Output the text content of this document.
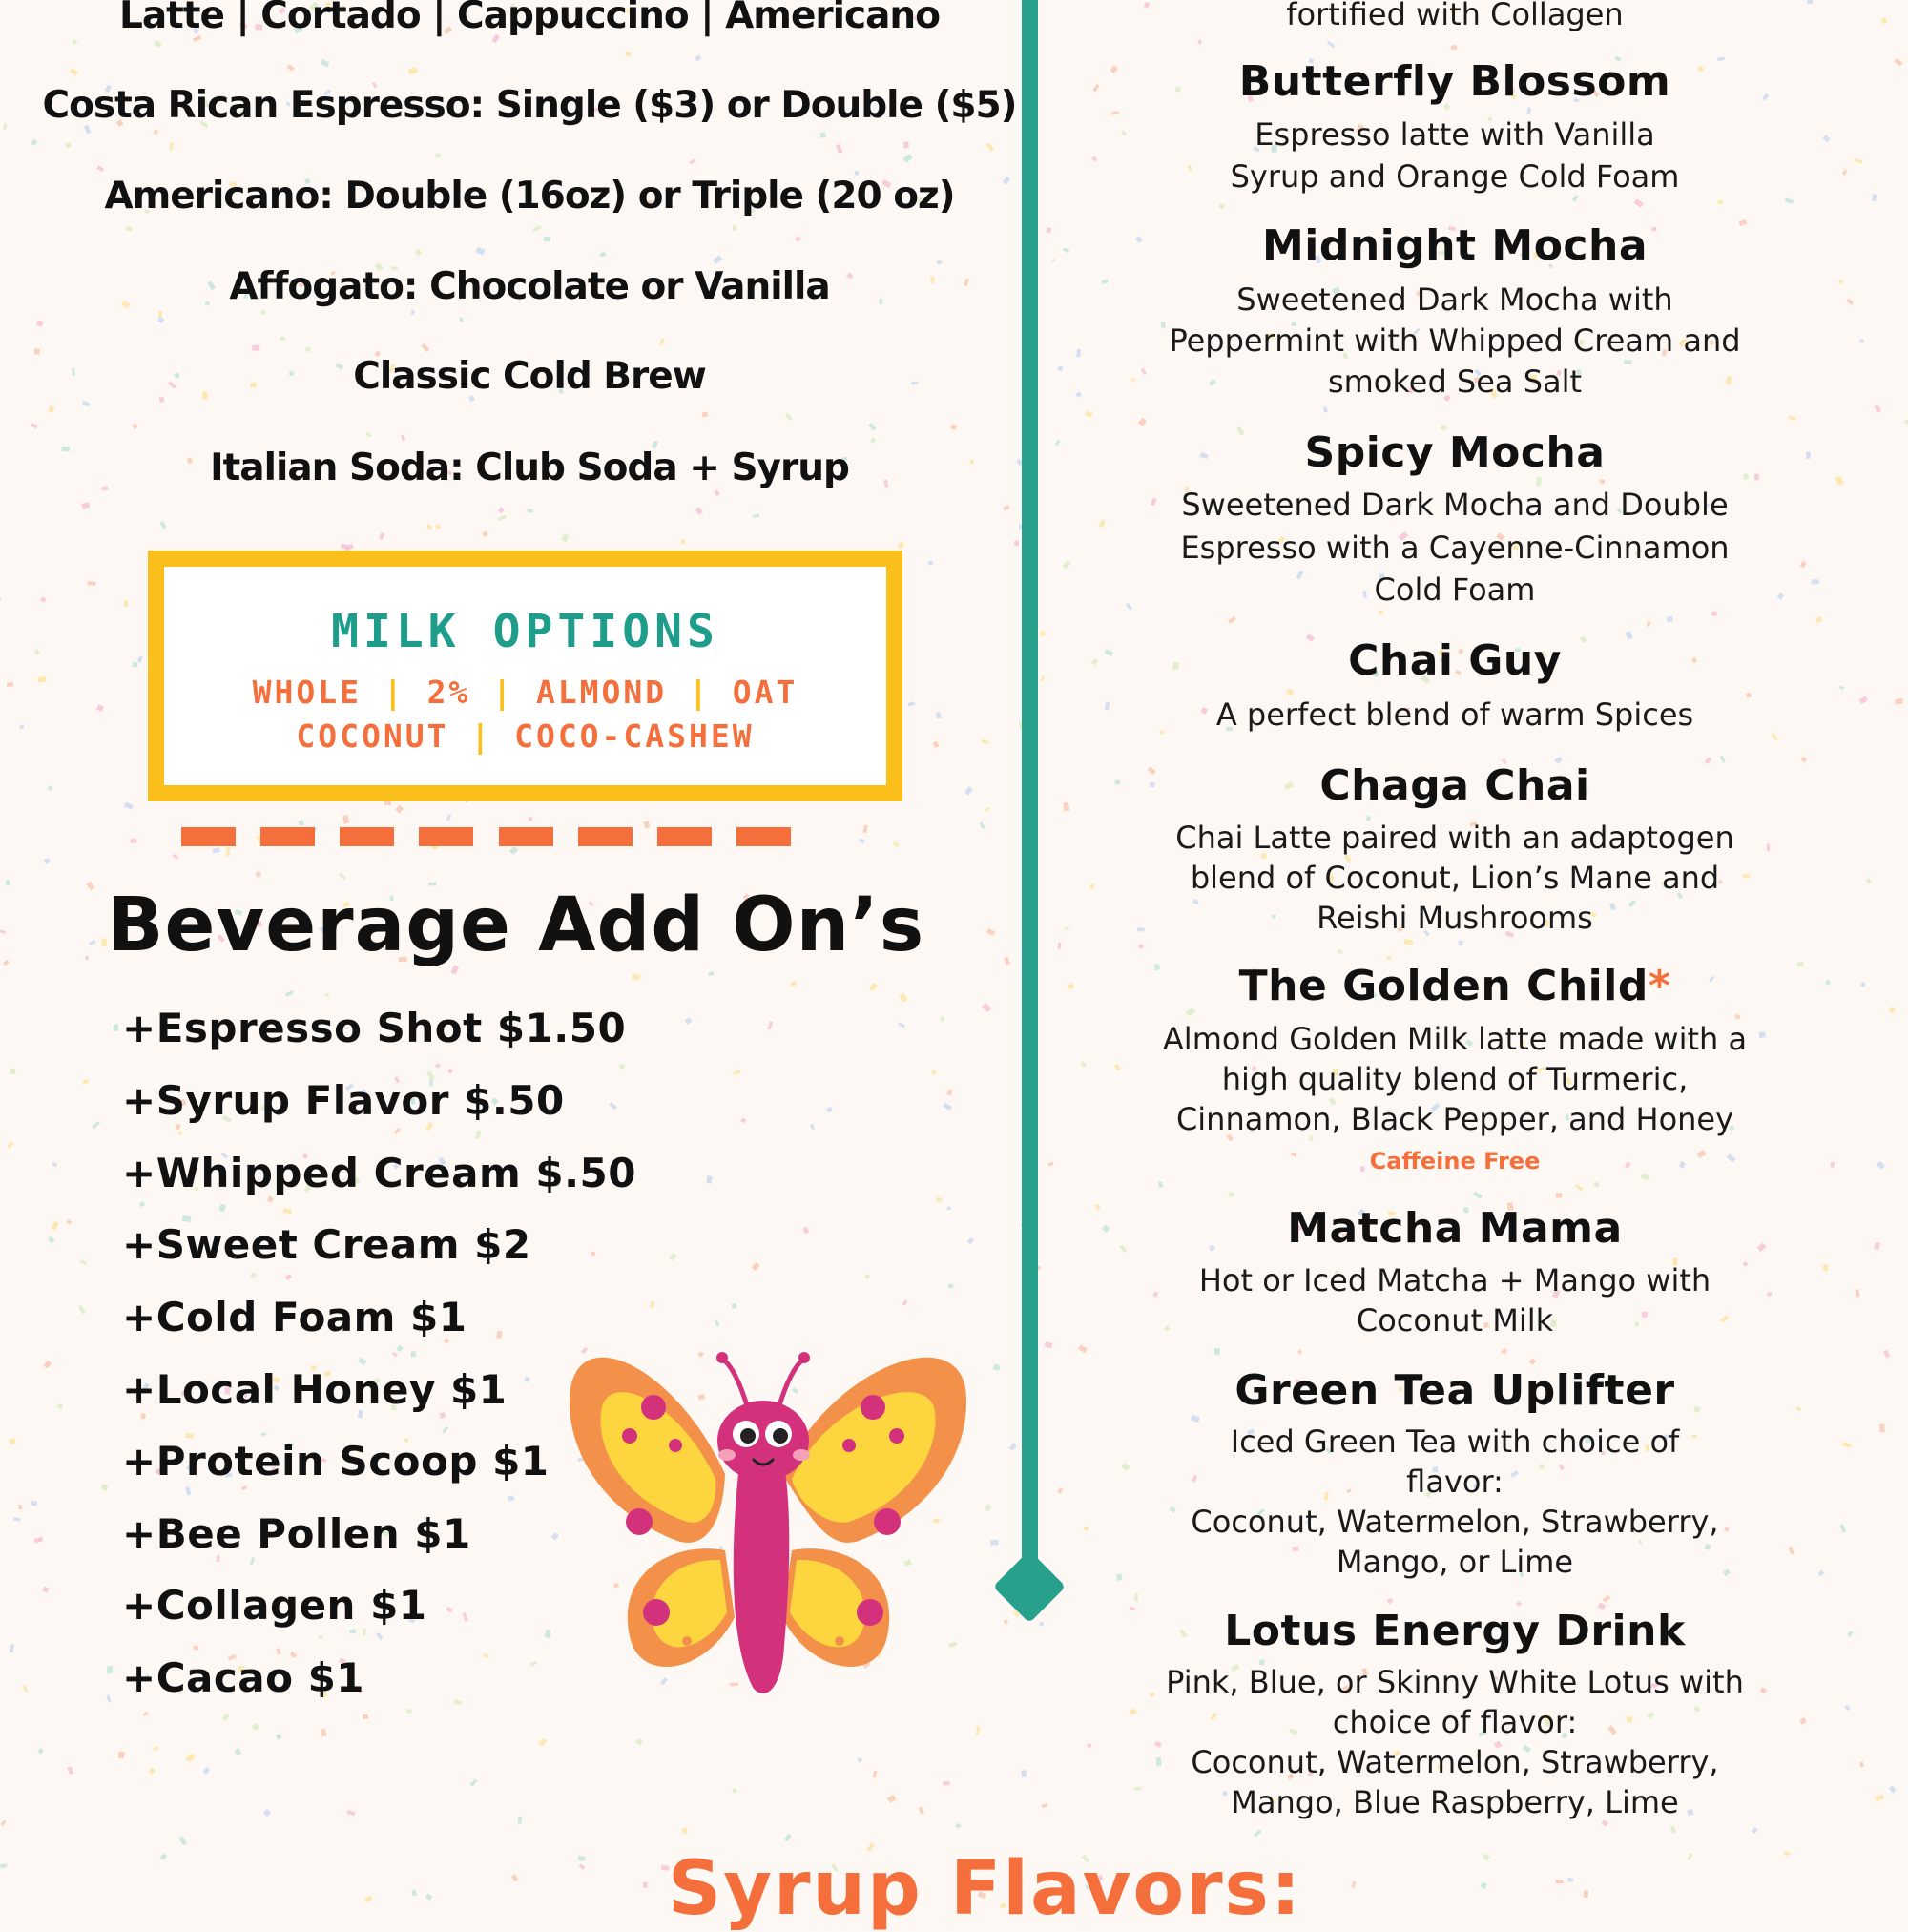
Latte | Cortado | Cappuccino | Americano
Costa Rican Espresso: Single ($3) or Double ($5)
Americano: Double (16oz) or Triple (20 oz)
Affogato: Chocolate or Vanilla
Classic Cold Brew
Italian Soda: Club Soda + Syrup
MILK OPTIONS
WHOLE | 2% | ALMOND | OAT
COCONUT | COCO-CASHEW
Beverage Add On’s
+Espresso Shot $1.50
+Syrup Flavor $.50
+Whipped Cream $.50
+Sweet Cream $2
+Cold Foam $1
+Local Honey $1
+Protein Scoop $1
+Bee Pollen $1
+Collagen $1
+Cacao $1
fortified with Collagen
Butterfly Blossom
Espresso latte with Vanilla
Syrup and Orange Cold Foam
Midnight Mocha
Sweetened Dark Mocha with
Peppermint with Whipped Cream and
smoked Sea Salt
Spicy Mocha
Sweetened Dark Mocha and Double
Espresso with a Cayenne-Cinnamon
Cold Foam
Chai Guy
A perfect blend of warm Spices
Chaga Chai
Chai Latte paired with an adaptogen
blend of Coconut, Lion’s Mane and
Reishi Mushrooms
The Golden Child*
Almond Golden Milk latte made with a
high quality blend of Turmeric,
Cinnamon, Black Pepper, and Honey
Caffeine Free
Matcha Mama
Hot or Iced Matcha + Mango with
Coconut Milk
Green Tea Uplifter
Iced Green Tea with choice of
flavor:
Coconut, Watermelon, Strawberry,
Mango, or Lime
Lotus Energy Drink
Pink, Blue, or Skinny White Lotus with
choice of flavor:
Coconut, Watermelon, Strawberry,
Mango, Blue Raspberry, Lime
Syrup Flavors:
